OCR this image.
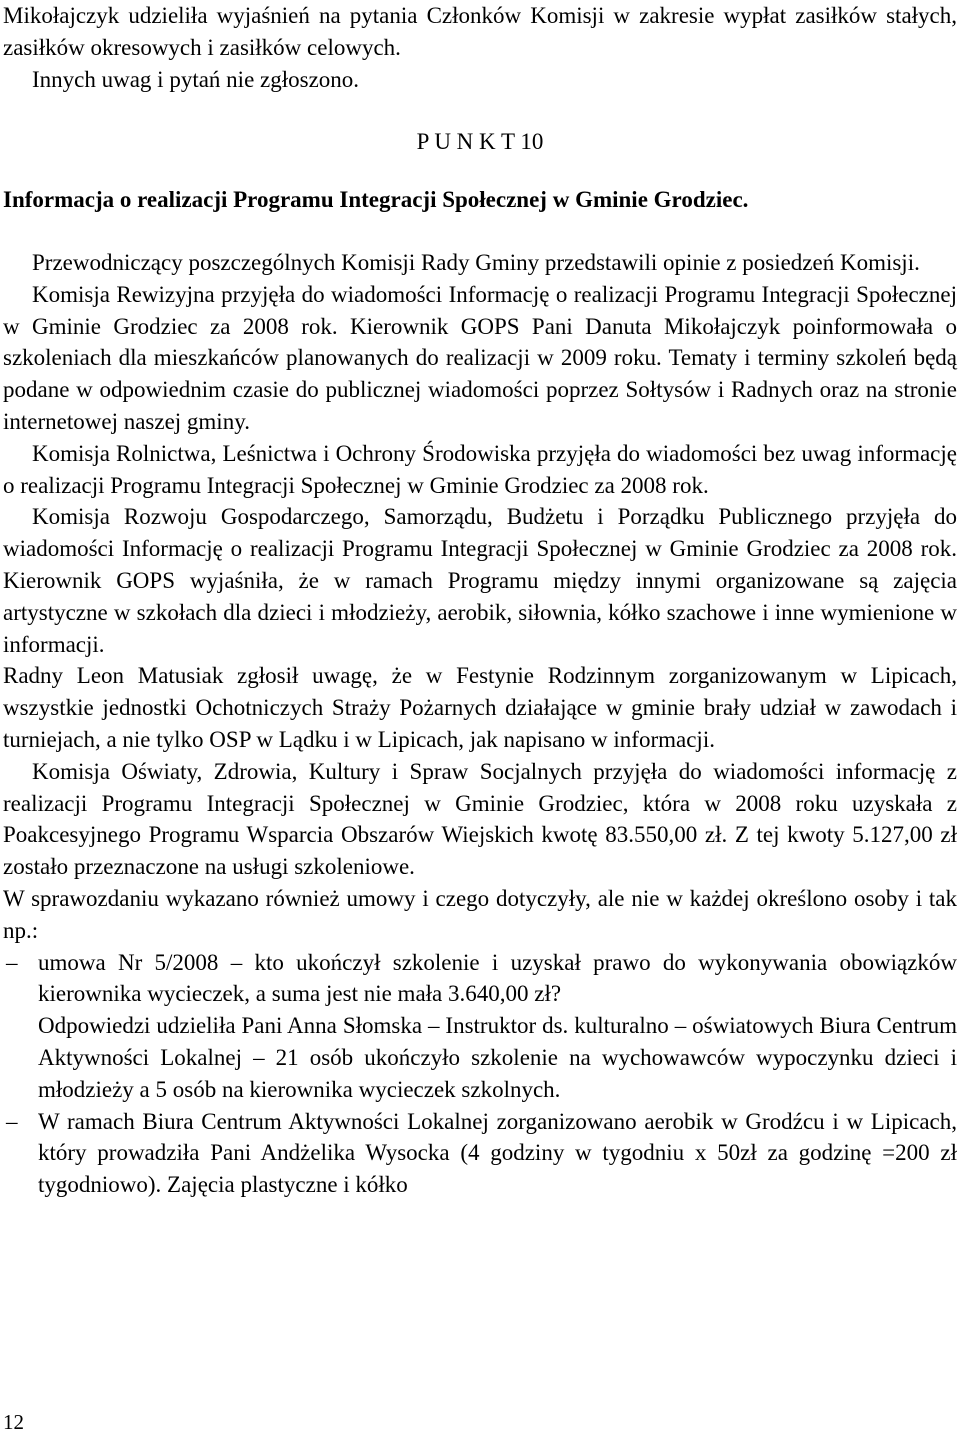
Mikołajczyk udzieliła wyjaśnień na pytania Członków Komisji w zakresie wypłat zasiłków stałych, zasiłków okresowych i zasiłków celowych.

Innych uwag i pytań nie zgłoszono.

P U N K T 10

Informacja o realizacji Programu Integracji Społecznej w Gminie Grodziec.

Przewodniczący poszczególnych Komisji Rady Gminy przedstawili opinie z posiedzeń Komisji.

Komisja Rewizyjna przyjęła do wiadomości Informację o realizacji Programu Integracji Społecznej w Gminie Grodziec za 2008 rok. Kierownik GOPS Pani Danuta Mikołajczyk poinformowała o szkoleniach dla mieszkańców planowanych do realizacji w 2009 roku. Tematy i terminy szkoleń będą podane w odpowiednim czasie do publicznej wiadomości poprzez Sołtysów i Radnych oraz na stronie internetowej naszej gminy.

Komisja Rolnictwa, Leśnictwa i Ochrony Środowiska przyjęła do wiadomości bez uwag informację o realizacji Programu Integracji Społecznej w Gminie Grodziec za 2008 rok.

Komisja Rozwoju Gospodarczego, Samorządu, Budżetu i Porządku Publicznego przyjęła do wiadomości Informację o realizacji Programu Integracji Społecznej w Gminie Grodziec za 2008 rok. Kierownik GOPS wyjaśniła, że w ramach Programu między innymi organizowane są zajęcia artystyczne w szkołach dla dzieci i młodzieży, aerobik, siłownia, kółko szachowe i inne wymienione w informacji.

Radny Leon Matusiak zgłosił uwagę, że w Festynie Rodzinnym zorganizowanym w Lipicach, wszystkie jednostki Ochotniczych Straży Pożarnych działające w gminie brały udział w zawodach i turniejach, a nie tylko OSP w Lądku i w Lipicach, jak napisano w informacji.

Komisja Oświaty, Zdrowia, Kultury i Spraw Socjalnych przyjęła do wiadomości informację z realizacji Programu Integracji Społecznej w Gminie Grodziec, która w 2008 roku uzyskała z Poakcesyjnego Programu Wsparcia Obszarów Wiejskich kwotę 83.550,00 zł. Z tej kwoty 5.127,00 zł zostało przeznaczone na usługi szkoleniowe.

W sprawozdaniu wykazano również umowy i czego dotyczyły, ale nie w każdej określono osoby i tak np.:

– umowa Nr 5/2008 – kto ukończył szkolenie i uzyskał prawo do wykonywania obowiązków kierownika wycieczek, a suma jest nie mała 3.640,00 zł?
Odpowiedzi udzieliła Pani Anna Słomska – Instruktor ds. kulturalno – oświatowych Biura Centrum Aktywności Lokalnej – 21 osób ukończyło szkolenie na wychowawców wypoczynku dzieci i młodzieży a 5 osób na kierownika wycieczek szkolnych.
– W ramach Biura Centrum Aktywności Lokalnej zorganizowano aerobik w Grodźcu i w Lipicach, który prowadziła Pani Andżelika Wysocka (4 godziny w tygodniu x 50zł za godzinę =200 zł tygodniowo). Zajęcia plastyczne i kółko
12
